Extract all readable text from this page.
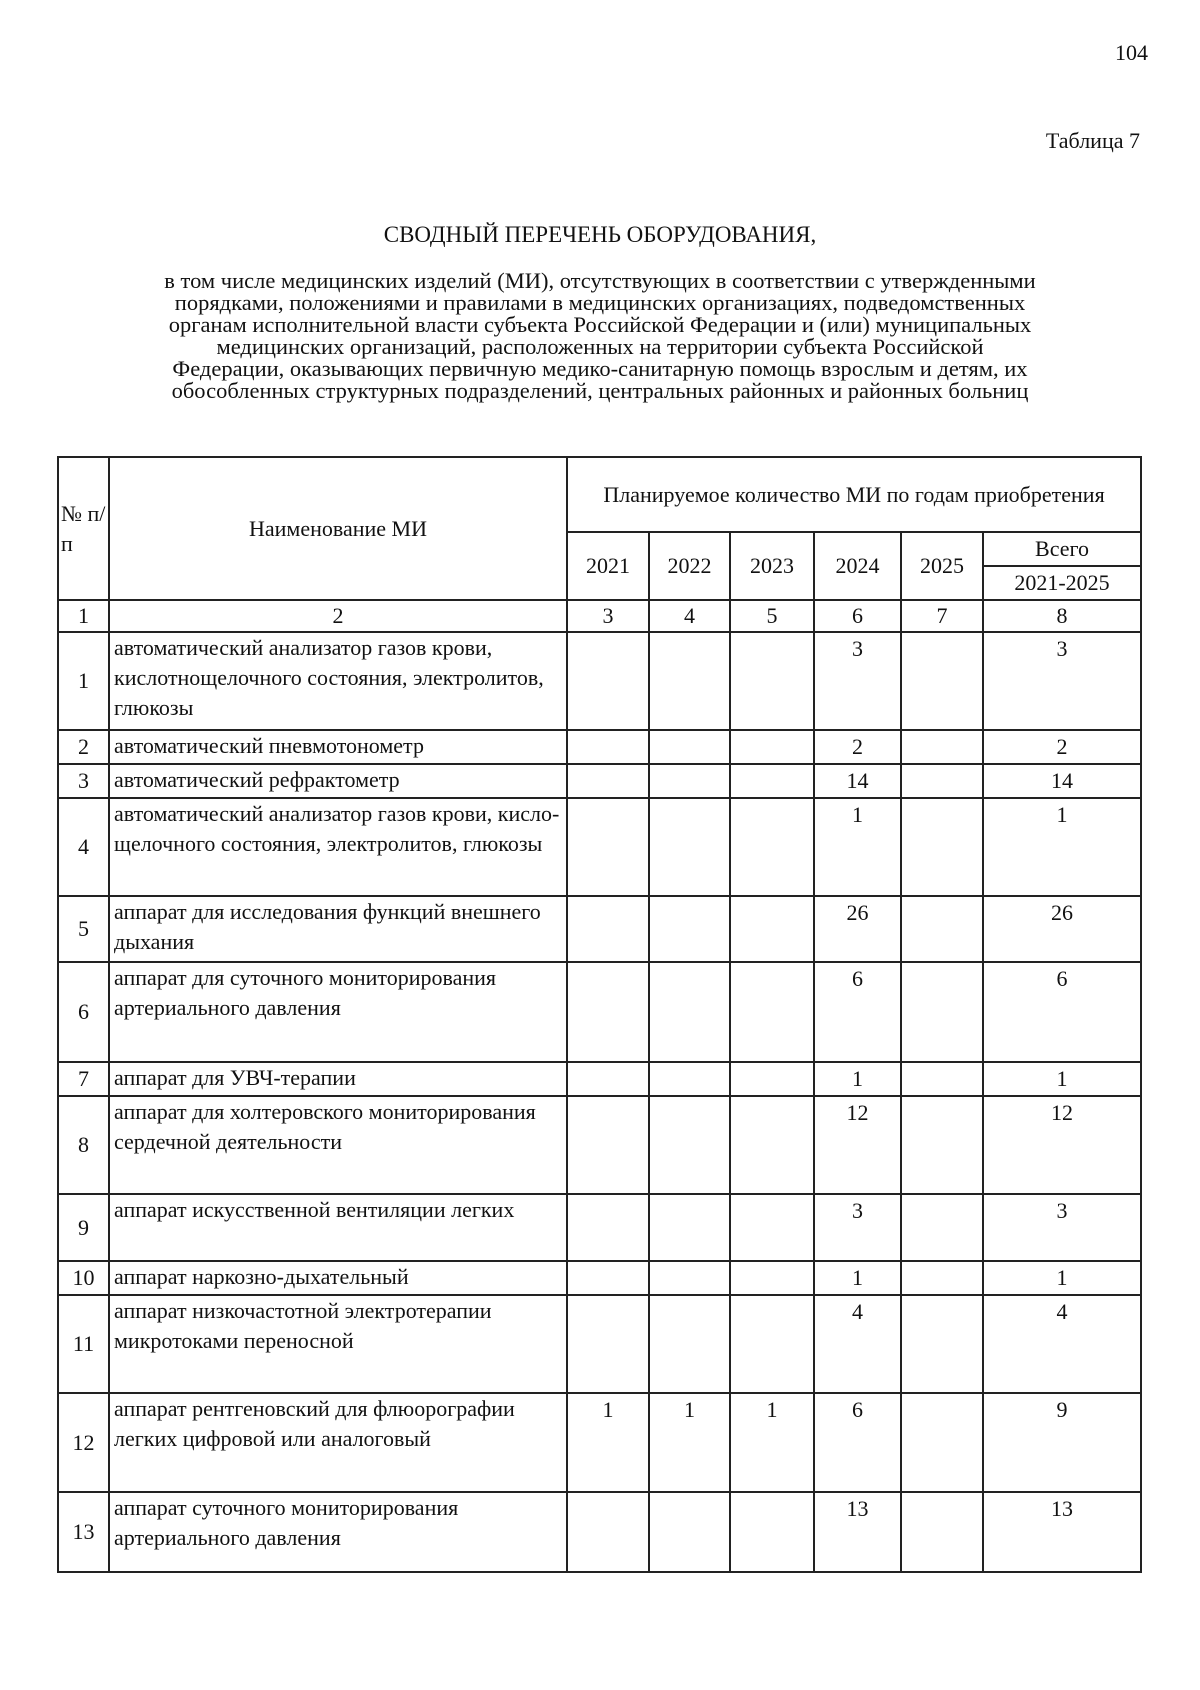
104
Таблица 7
СВОДНЫЙ ПЕРЕЧЕНЬ ОБОРУДОВАНИЯ,
в том числе медицинских изделий (МИ), отсутствующих в соответствии с утвержденными
порядками, положениями и правилами в медицинских организациях, подведомственных
органам исполнительной власти субъекта Российской Федерации и (или) муниципальных
медицинских организаций, расположенных на территории субъекта Российской
Федерации, оказывающих первичную медико-санитарную помощь взрослым и детям, их
обособленных структурных подразделений, центральных районных и районных больниц
№ п/п	Наименование МИ	Планируемое количество МИ по годам приобретения					
		2021	2022	2023	2024	2025	Всего
							2021-2025
1	2	3	4	5	6	7	8
1	автоматический анализатор газов крови, кислотнощелочного состояния, электролитов, глюкозы				3		3
2	автоматический пневмотонометр				2		2
3	автоматический рефрактометр				14		14
4	автоматический анализатор газов крови, кисло-щелочного состояния, электролитов, глюкозы				1		1
5	аппарат для исследования функций внешнего дыхания				26		26
6	аппарат для суточного мониторирования артериального давления				6		6
7	аппарат для УВЧ-терапии				1		1
8	аппарат для холтеровского мониторирования сердечной деятельности				12		12
9	аппарат искусственной вентиляции легких				3		3
10	аппарат наркозно-дыхательный				1		1
11	аппарат низкочастотной электротерапии микротоками переносной				4		4
12	аппарат рентгеновский для флюорографии легких цифровой или аналоговый	1	1	1	6		9
13	аппарат суточного мониторирования артериального давления				13		13
